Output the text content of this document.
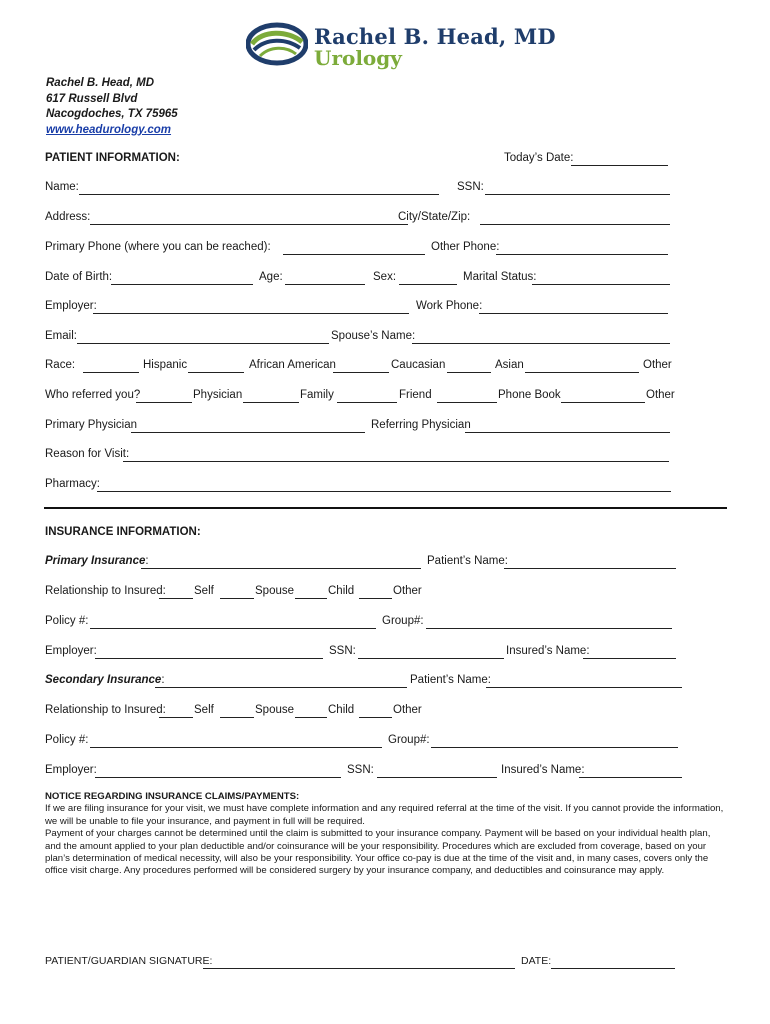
Rachel B. Head, MD
Urology
Rachel B. Head, MD
617 Russell Blvd
Nacogdoches, TX 75965
www.headurology.com
PATIENT INFORMATION:	Today’s Date:
Name:	SSN:
Address:	City/State/Zip:
Primary Phone (where you can be reached):	Other Phone:
Date of Birth:	Age:	Sex:	Marital Status:
Employer:	Work Phone:
Email:	Spouse’s Name:
Race:	Hispanic	African American	Caucasian	Asian	Other
Who referred you?	Physician	Family	Friend	Phone Book	Other
Primary Physician	Referring Physician
Reason for Visit:
Pharmacy:
INSURANCE INFORMATION:
Primary Insurance:	Patient’s Name:
Relationship to Insured: Self	Spouse	Child	Other
Policy #:	Group#:
Employer:	SSN:	Insured’s Name:
Secondary Insurance:	Patient’s Name:
Relationship to Insured: Self	Spouse	Child	Other
Policy #:	Group#:
Employer:	SSN:	Insured’s Name:
NOTICE REGARDING INSURANCE CLAIMS/PAYMENTS:
If we are filing insurance for your visit, we must have complete information and any required referral at the time of the visit. If you cannot provide the information, we will be unable to file your insurance, and payment in full will be required.
Payment of your charges cannot be determined until the claim is submitted to your insurance company. Payment will be based on your individual health plan, and the amount applied to your plan deductible and/or coinsurance will be your responsibility. Procedures which are excluded from coverage, based on your plan’s determination of medical necessity, will also be your responsibility. Your office co-pay is due at the time of the visit and, in many cases, covers only the office visit charge. Any procedures performed will be considered surgery by your insurance company, and deductibles and coinsurance may apply.
PATIENT/GUARDIAN SIGNATURE:	DATE:
